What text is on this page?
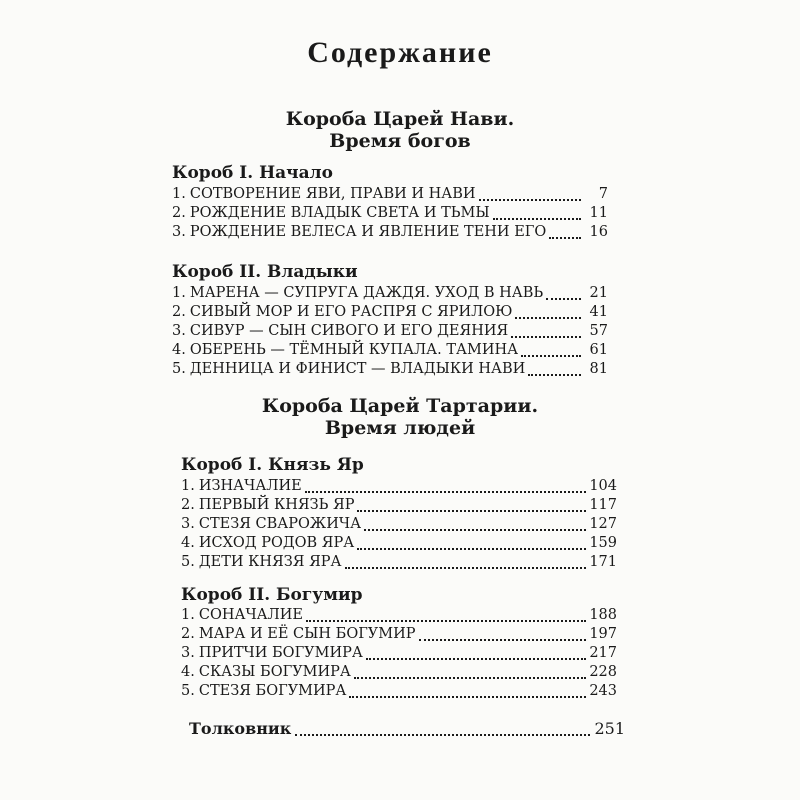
Содержание
Короба Царей Нави.
Время богов
Короб I. Начало
1. СОТВОРЕНИЕ ЯВИ, ПРАВИ И НАВИ	7
2. РОЖДЕНИЕ ВЛАДЫК СВЕТА И ТЬМЫ	11
3. РОЖДЕНИЕ ВЕЛЕСА И ЯВЛЕНИЕ ТЕНИ ЕГО	16
Короб II. Владыки
1. МАРЕНА — СУПРУГА ДАЖДЯ. УХОД В НАВЬ	21
2. СИВЫЙ МОР И ЕГО РАСПРЯ С ЯРИЛОЮ	41
3. СИВУР — СЫН СИВОГО И ЕГО ДЕЯНИЯ	57
4. ОБЕРЕНЬ — ТЁМНЫЙ КУПАЛА. ТАМИНА	61
5. ДЕННИЦА И ФИНИСТ — ВЛАДЫКИ НАВИ	81
Короба Царей Тартарии.
Время людей
Короб I. Князь Яр
1. ИЗНАЧАЛИЕ	104
2. ПЕРВЫЙ КНЯЗЬ ЯР	117
3. СТЕЗЯ СВАРОЖИЧА	127
4. ИСХОД РОДОВ ЯРА	159
5. ДЕТИ КНЯЗЯ ЯРА	171
Короб II. Богумир
1. СОНАЧАЛИЕ	188
2. МАРА И ЕЁ СЫН БОГУМИР	197
3. ПРИТЧИ БОГУМИРА	217
4. СКАЗЫ БОГУМИРА	228
5. СТЕЗЯ БОГУМИРА	243
Толковник	251
